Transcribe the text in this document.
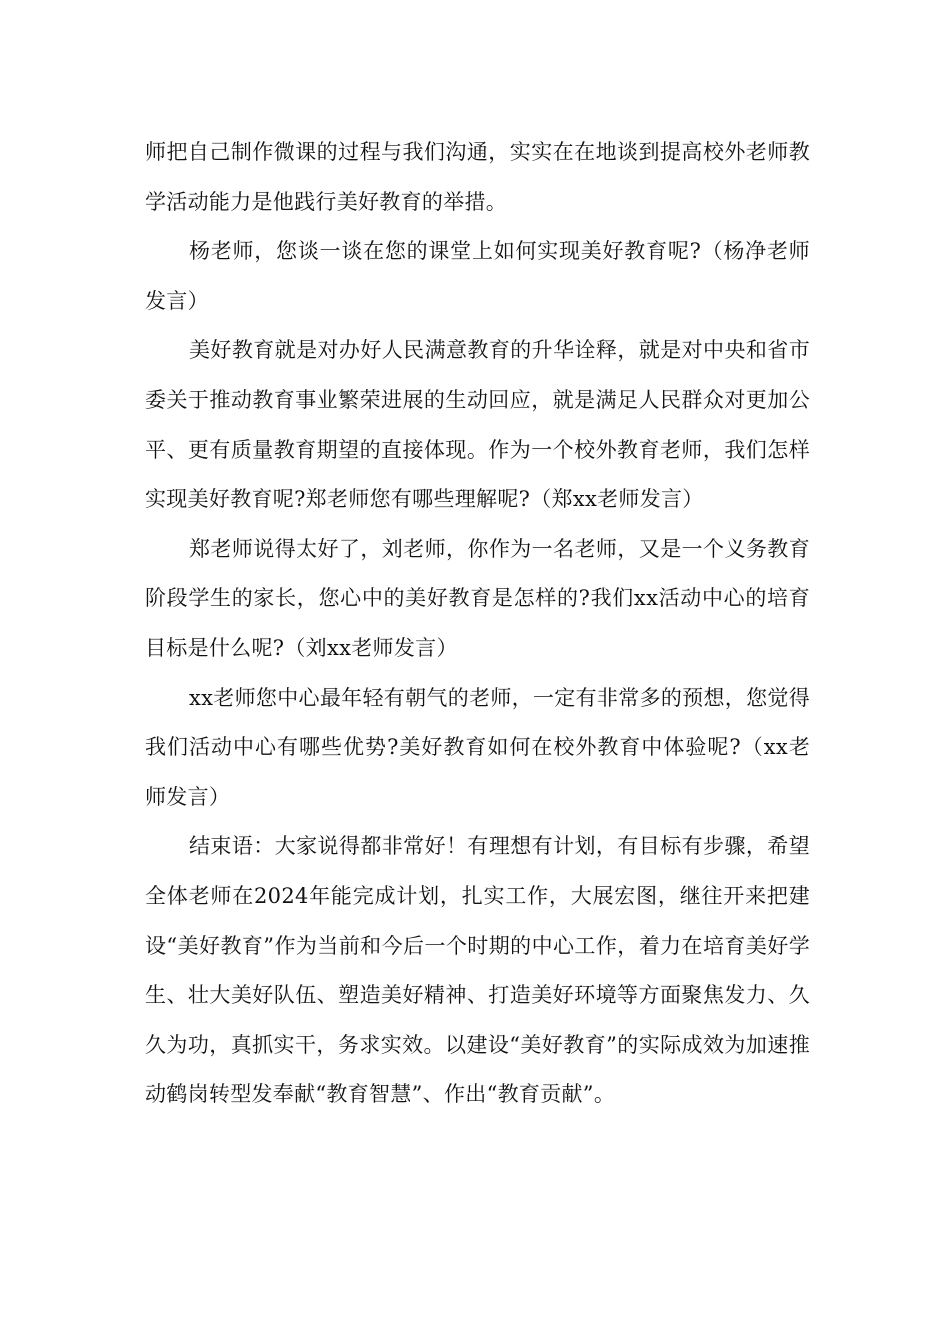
师把自己制作微课的过程与我们沟通，实实在在地谈到提高校外老师教学活动能力是他践行美好教育的举措。

杨老师，您谈一谈在您的课堂上如何实现美好教育呢?（杨净老师发言）

美好教育就是对办好人民满意教育的升华诠释，就是对中央和省市委关于推动教育事业繁荣进展的生动回应，就是满足人民群众对更加公平、更有质量教育期望的直接体现。作为一个校外教育老师，我们怎样实现美好教育呢?郑老师您有哪些理解呢?（郑xx老师发言）

郑老师说得太好了，刘老师，你作为一名老师，又是一个义务教育阶段学生的家长，您心中的美好教育是怎样的?我们xx活动中心的培育目标是什么呢?（刘xx老师发言）

xx老师您中心最年轻有朝气的老师，一定有非常多的预想，您觉得我们活动中心有哪些优势?美好教育如何在校外教育中体验呢?（xx老师发言）

结束语：大家说得都非常好！有理想有计划，有目标有步骤，希望全体老师在2024年能完成计划，扎实工作，大展宏图，继往开来把建设“美好教育”作为当前和今后一个时期的中心工作，着力在培育美好学生、壮大美好队伍、塑造美好精神、打造美好环境等方面聚焦发力、久久为功，真抓实干，务求实效。以建设“美好教育”的实际成效为加速推动鹤岗转型发奉献“教育智慧”、作出“教育贡献”。
